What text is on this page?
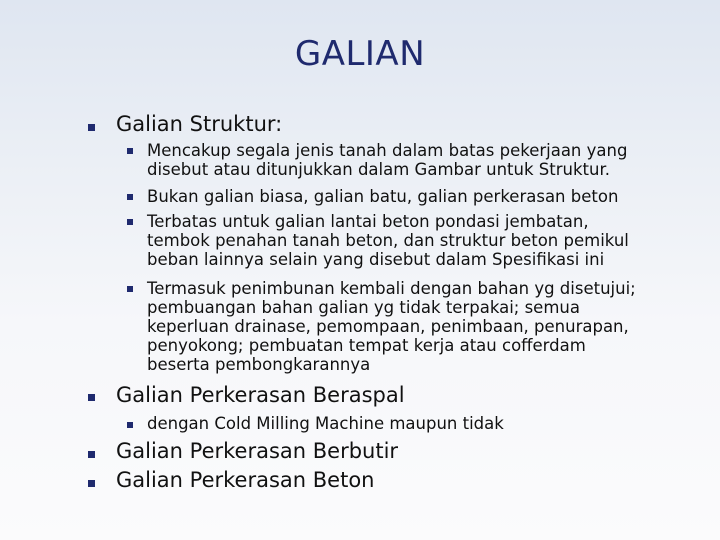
GALIAN
Galian Struktur:
Mencakup segala jenis tanah dalam batas pekerjaan yang
disebut atau ditunjukkan dalam Gambar untuk Struktur.
Bukan galian biasa, galian batu, galian perkerasan beton
Terbatas untuk galian lantai beton pondasi jembatan,
tembok penahan tanah beton, dan struktur beton pemikul
beban lainnya selain yang disebut dalam Spesifikasi ini
Termasuk penimbunan kembali dengan bahan yg disetujui;
pembuangan bahan galian yg tidak terpakai; semua
keperluan drainase, pemompaan, penimbaan, penurapan,
penyokong; pembuatan tempat kerja atau cofferdam
beserta pembongkarannya
Galian Perkerasan Beraspal
dengan Cold Milling Machine maupun tidak
Galian Perkerasan Berbutir
Galian Perkerasan Beton
